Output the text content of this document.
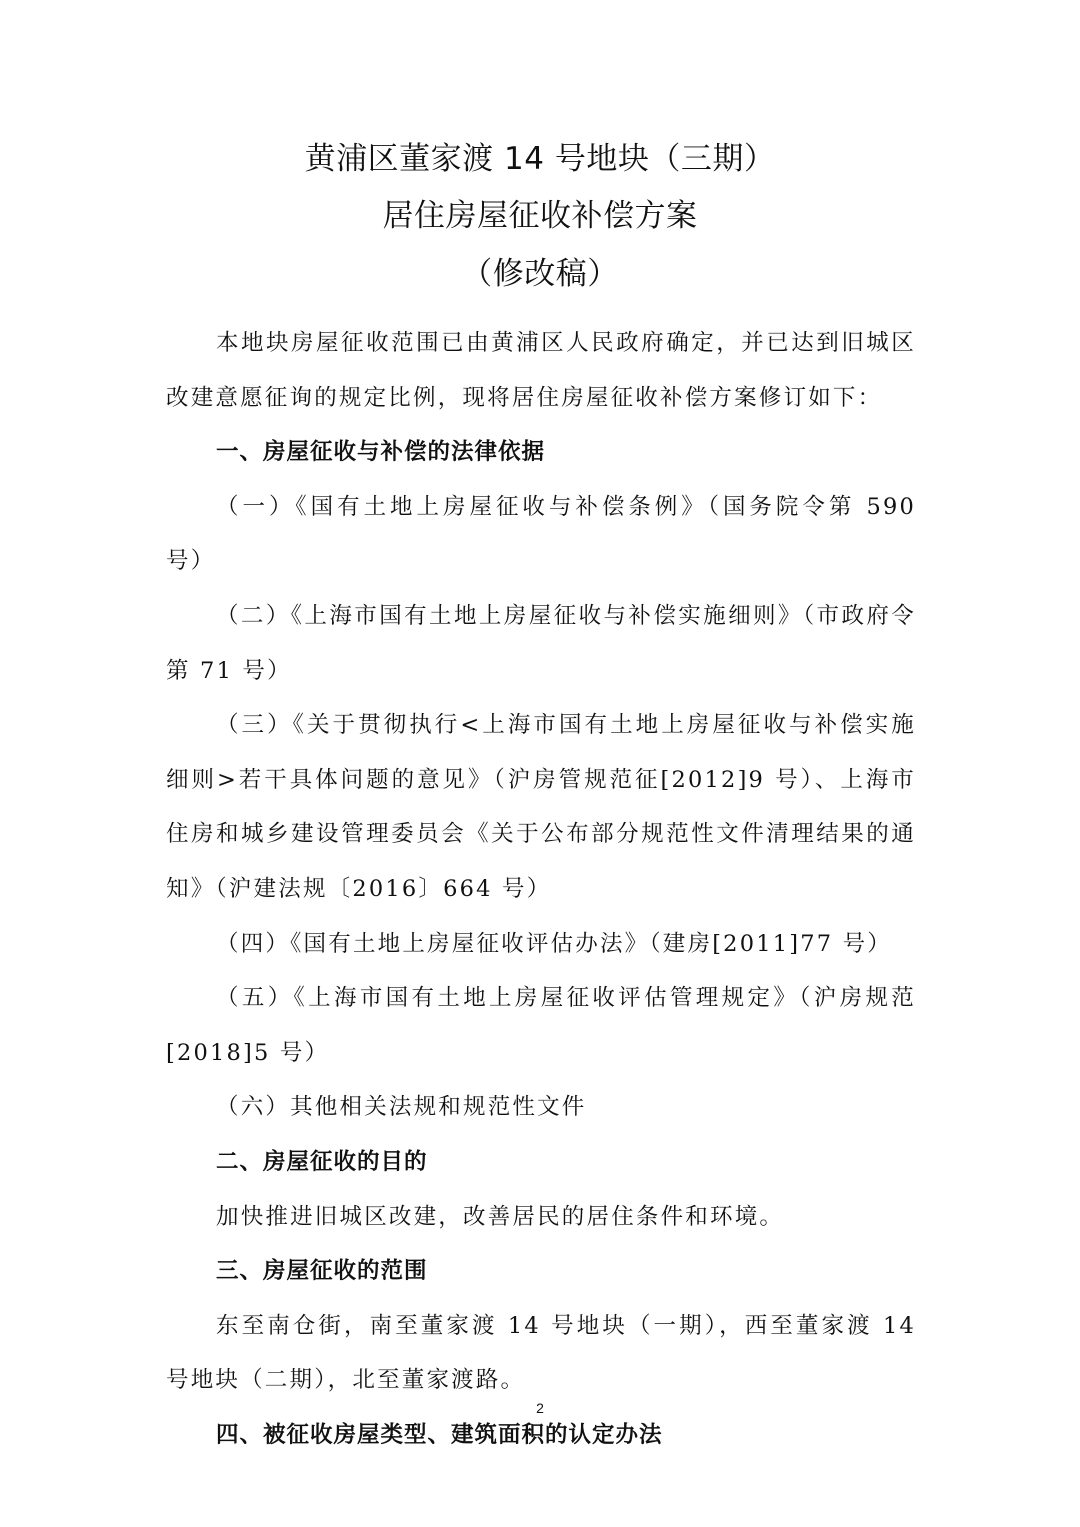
黄浦区董家渡 14 号地块（三期）
居住房屋征收补偿方案
（修改稿）

本地块房屋征收范围已由黄浦区人民政府确定，并已达到旧城区改建意愿征询的规定比例，现将居住房屋征收补偿方案修订如下：

一、房屋征收与补偿的法律依据

（一）《国有土地上房屋征收与补偿条例》（国务院令第 590 号）

（二）《上海市国有土地上房屋征收与补偿实施细则》（市政府令第 71 号）

（三）《关于贯彻执行<上海市国有土地上房屋征收与补偿实施细则>若干具体问题的意见》（沪房管规范征[2012]9 号）、上海市住房和城乡建设管理委员会《关于公布部分规范性文件清理结果的通知》（沪建法规〔2016〕664 号）

（四）《国有土地上房屋征收评估办法》（建房[2011]77 号）

（五）《上海市国有土地上房屋征收评估管理规定》（沪房规范[2018]5 号）

（六）其他相关法规和规范性文件

二、房屋征收的目的

加快推进旧城区改建，改善居民的居住条件和环境。

三、房屋征收的范围

东至南仓街，南至董家渡 14 号地块（一期），西至董家渡 14 号地块（二期），北至董家渡路。

四、被征收房屋类型、建筑面积的认定办法

2
